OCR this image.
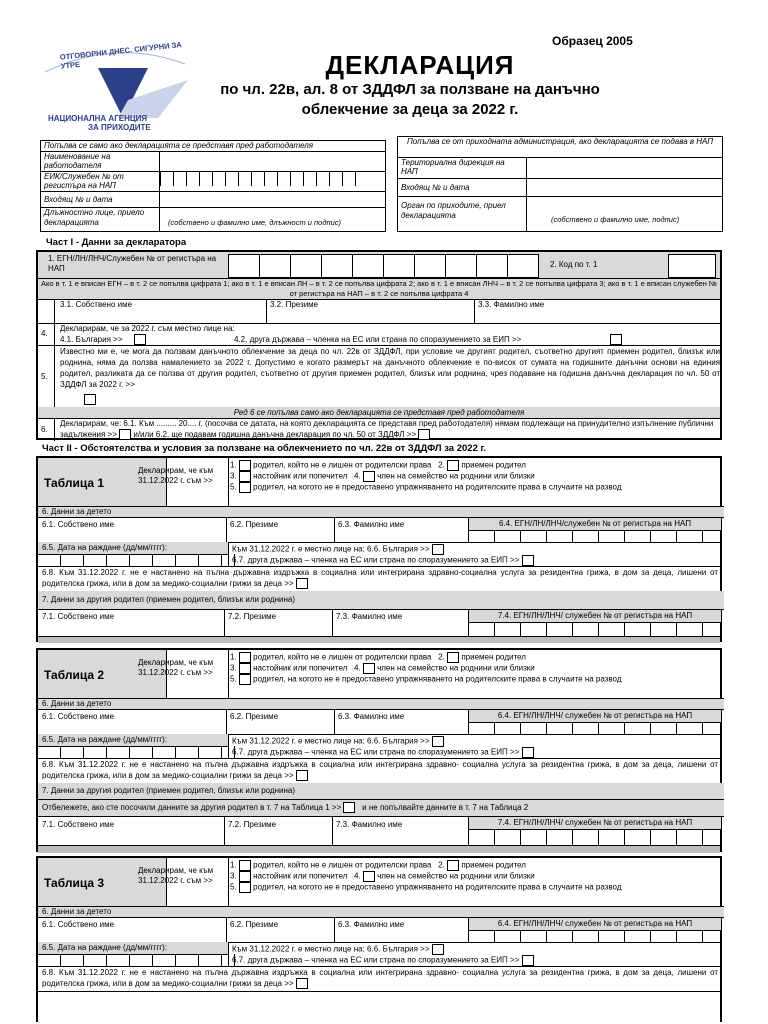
ОТГОВОРНИ ДНЕС. СИГУРНИ ЗА УТРЕ
НАЦИОНАЛНА АГЕНЦИЯ
ЗА ПРИХОДИТЕ
Образец 2005
ДЕКЛАРАЦИЯ
по чл. 22в, ал. 8 от ЗДДФЛ за ползване на данъчно
облекчение за деца за 2022 г.
Попълва се само ако декларацията се представя пред работодателя
Наименование на работодателя
ЕИК/Служебен № от регистъра на НАП
Входящ № и дата
Длъжностно лице, приело декларацията	(собствено и фамилно име, длъжност и подпис)
Попълва се от приходната администрация, ако декларацията се подава в НАП
Териториална дирекция на НАП
Входящ № и дата
Орган по приходите, приел декларацията	(собствено и фамилно име, подпис)
Част I - Данни за декларатора
1. ЕГН/ЛН/ЛНЧ/Служебен № от регистъра на НАП	2. Код по т. 1
Ако в т. 1 е вписан ЕГН – в т. 2 се попълва цифрата 1; ако в т. 1 е вписан ЛН – в т. 2 се попълва цифрата 2; ако в т. 1 е вписан ЛНЧ – в т. 2 се попълва цифрата 3; ако в т. 1 е вписан служебен № от регистъра на НАП – в т. 2 се попълва цифрата 4
3.1. Собствено име	3.2. Презиме	3.3. Фамилно име
4.
Декларирам, че за 2022 г. съм местно лице на:
4.1. България >>	4.2. друга държава – членка на ЕС или страна по споразумението за ЕИП >>
5.
Известно ми е, че мога да ползвам данъчното облекчение за деца по чл. 22в от ЗДДФЛ, при условие че другият родител, съответно другият приемен родител, близък или роднина, няма да ползва намалението за 2022 г. Допустимо е когато размерът на данъчното облекчение е по-висок от сумата на годишните данъчни основи на единия родител, разликата да се ползва от другия родител, съответно от другия приемен родител, близък или роднина, чрез подаване на годишна данъчна декларация по чл. 50 от ЗДДФЛ за 2022 г. >>
Ред 6 се попълва само ако декларацията се представя пред работодателя
6.
Декларирам, че: 6.1. Към ......... 20.... г. (посочва се датата, на която декларацията се представя пред работодателя) нямам подлежащи на принудително изпълнение публични задължения >> и/или 6.2. ще подавам годишна данъчна декларация по чл. 50 от ЗДДФЛ >>
Част II - Обстоятелства и условия за ползване на облекчението по чл. 22в от ЗДДФЛ за 2022 г.
Таблица 1
Декларирам, че към 31.12.2022 г. съм >>
1.  родител, който не е лишен от родителски права   2.  приемен родител
3.  настойник или попечител   4.  член на семейство на роднини или близки
5.  родител, на когото не е предоставено упражняването на родителските права в случаите на развод
6. Данни за детето
6.1. Собствено име	6.2. Презиме	6.3. Фамилно име	6.4. ЕГН/ЛН/ЛНЧ/служебен № от регистъра на НАП
6.5. Дата на раждане (дд/мм/гггг):	Към 31.12.2022 г. е местно лице на: 6.6. България >>
6.7. друга държава – членка на ЕС или страна по споразумението за ЕИП >>
6.8. Към 31.12.2022 г. не е настанено на пълна държавна издръжка в социална или интегрирана здравно-социална услуга за резидентна грижа, в дом за деца, лишени от родителска грижа, или в дом за медико-социални грижи за деца >>
7. Данни за другия родител (приемен родител, близък или роднина)
7.1. Собствено име	7.2. Презиме	7.3. Фамилно име	7.4. ЕГН/ЛН/ЛНЧ/ служебен № от регистъра на НАП
Таблица 2
Декларирам, че към 31.12.2022 г. съм >>
1.  родител, който не е лишен от родителски права   2.  приемен родител
3.  настойник или попечител   4.  член на семейство на роднини или близки
5.  родител, на когото не е предоставено упражняването на родителските права в случаите на развод
6. Данни за детето
6.1. Собствено име	6.2. Презиме	6.3. Фамилно име	6.4. ЕГН/ЛН/ЛНЧ/ служебен № от регистъра на НАП
6.5. Дата на раждане (дд/мм/гггг):	Към 31.12.2022 г. е местно лице на: 6.6. България >>
6.7. друга държава – членка на ЕС или страна по споразумението за ЕИП >>
6.8. Към 31.12.2022 г. не е настанено на пълна държавна издръжка в социална или интегрирана здравно- социална услуга за резидентна грижа, в дом за деца, лишени от родителска грижа, или в дом за медико-социални грижи за деца >>
7. Данни за другия родител (приемен родител, близък или роднина)
Отбележете, ако сте посочили данните за другия родител в т. 7 на Таблица 1 >>	и не попълвайте данните в т. 7 на Таблица 2
7.1. Собствено име	7.2. Презиме	7.3. Фамилно име	7.4. ЕГН/ЛН/ЛНЧ/ служебен № от регистъра на НАП
Таблица 3
Декларирам, че към 31.12.2022 г. съм >>
1.  родител, който не е лишен от родителски права   2.  приемен родител
3.  настойник или попечител   4.  член на семейство на роднини или близки
5.  родител, на когото не е предоставено упражняването на родителските права в случаите на развод
6. Данни за детето
6.1. Собствено име	6.2. Презиме	6.3. Фамилно име	6.4. ЕГН/ЛН/ЛНЧ/ служебен № от регистъра на НАП
6.5. Дата на раждане (дд/мм/гггг):	Към 31.12.2022 г. е местно лице на: 6.6. България >>
6.7. друга държава – членка на ЕС или страна по споразумението за ЕИП >>
6.8. Към 31.12.2022 г. не е настанено на пълна държавна издръжка в социална или интегрирана здравно- социална услуга за резидентна грижа, в дом за деца, лишени от родителска грижа, или в дом за медико-социални грижи за деца >>
